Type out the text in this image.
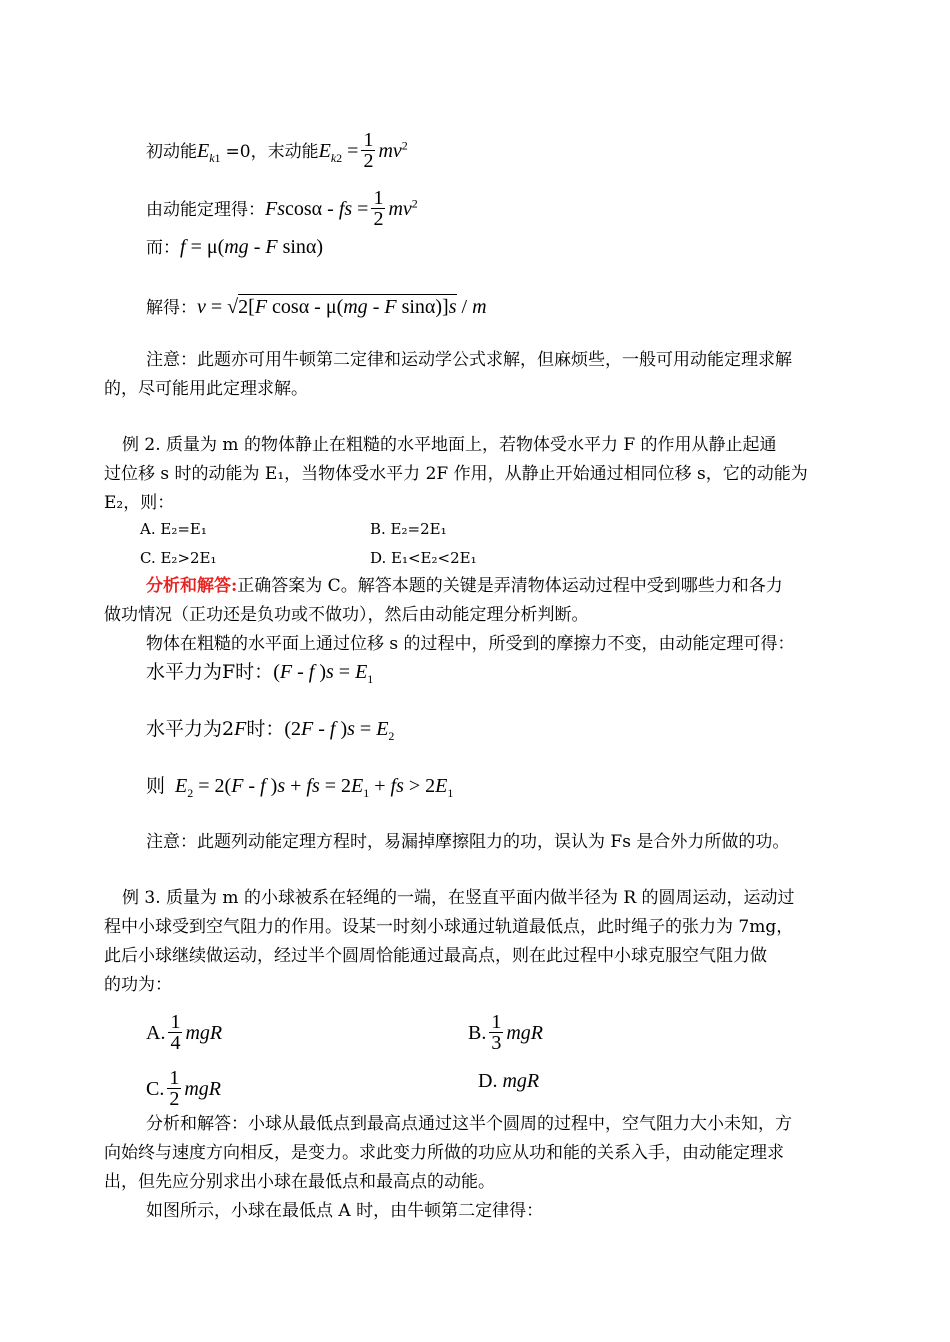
初动能$E_{k1} =0$，末动能$E_{k2} = \frac{1}{2} mv^2$
由动能定理得：Fscosα - fs = $\frac{1}{2} mv^2$
而：f = μ(mg - F sinα)
解得：v = √2[F cosα - μ(mg - F sinα)]s / m
注意：此题亦可用牛顿第二定律和运动学公式求解，但麻烦些，一般可用动能定理求解
的，尽可能用此定理求解。
例 2. 质量为 m 的物体静止在粗糙的水平地面上，若物体受水平力 F 的作用从静止起通
过位移 s 时的动能为 E₁，当物体受水平力 2F 作用，从静止开始通过相同位移 s，它的动能为
E₂，则：
A. E₂=E₁	B. E₂=2E₁
C. E₂>2E₁	D. E₁<E₂<2E₁
分析和解答:正确答案为 C。解答本题的关键是弄清物体运动过程中受到哪些力和各力
做功情况（正功还是负功或不做功），然后由动能定理分析判断。
物体在粗糙的水平面上通过位移 s 的过程中，所受到的摩擦力不变，由动能定理可得：
水平力为F时：(F - f )$s = E_1$
水平力为2F时：(2F - f )$s = E_2$
则 $E_2 = 2(F - f$ )s + fs = $2E_1$ + fs > $2E_1$
注意：此题列动能定理方程时，易漏掉摩擦阻力的功，误认为 Fs 是合外力所做的功。
例 3. 质量为 m 的小球被系在轻绳的一端，在竖直平面内做半径为 R 的圆周运动，运动过
程中小球受到空气阻力的作用。设某一时刻小球通过轨道最低点，此时绳子的张力为 7mg，
此后小球继续做运动，经过半个圆周恰能通过最高点，则在此过程中小球克服空气阻力做
的功为：
A. $\frac{1}{4}$ mgR	B. $\frac{1}{3}$ mgR
C. $\frac{1}{2}$ mgR	D. mgR
分析和解答：小球从最低点到最高点通过这半个圆周的过程中，空气阻力大小未知，方
向始终与速度方向相反，是变力。求此变力所做的功应从功和能的关系入手，由动能定理求
出，但先应分别求出小球在最低点和最高点的动能。
如图所示，小球在最低点 A 时，由牛顿第二定律得：
